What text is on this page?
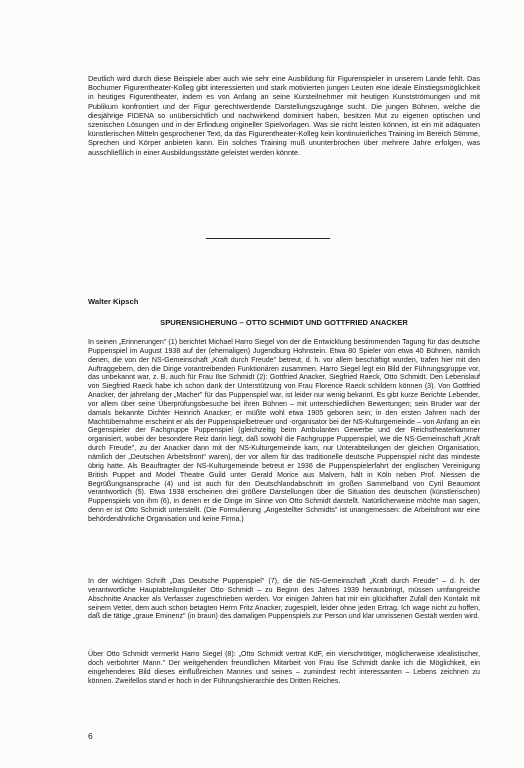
Deutlich wird durch diese Beispiele aber auch wie sehr eine Ausbildung für Figurenspieler in unserem Lande fehlt. Das Bochumer Figurentheater-Kolleg gibt interessierten und stark motivierten jungen Leuten eine ideale Einstiegsmöglichkeit in heutiges Figurentheater, indem es von Anfang an seine Kursteilnehmer mit heutigen Kunstströmungen und mit Publikum konfrontiert und der Figur gerechtwerdende Darstellungszugänge sucht. Die jungen Bühnen, welche die diesjährige FIDENA so unübersichtlich und nachwirkend dominiert haben, besitzen Mut zu eigenen optischen und szenischen Lösungen und in der Erfindung origineller Spielvorlagen. Was sie nicht leisten können, ist ein mit adäquaten künstlerischen Mitteln gesprochener Text, da das Figurentheater-Kolleg kein kontinuierliches Training im Bereich Stimme, Sprechen und Körper anbieten kann. Ein solches Training muß ununterbrochen über mehrere Jahre erfolgen, was ausschließlich in einer Ausbildungsstätte geleistet werden könnte.

Walter Kipsch

SPURENSICHERUNG – OTTO SCHMIDT UND GOTTFRIED ANACKER

In seinen „Erinnerungen" (1) berichtet Michael Harro Siegel von der die Entwicklung bestimmenden Tagung für das deutsche Puppenspiel im August 1938 auf der (ehemaligen) Jugendburg Hohnstein. Etwa 80 Spieler von etwa 40 Bühnen, nämlich denen, die von der NS-Gemeinschaft „Kraft durch Freude" betreut, d. h. vor allem beschäftigt wurden, trafen hier mit den Auftraggebern, den die Dinge vorantreibenden Funktionären zusammen. Harro Siegel legt ein Bild der Führungsgruppe vor, das unbekannt war, z. B. auch für Frau Ilse Schmidt (2): Gottfried Anacker, Siegfried Raeck, Otto Schmidt. Den Lebenslauf von Siegfried Raeck habe ich schon dank der Unterstützung von Frau Florence Raeck schildern können (3). Von Gottfried Anacker, der jahrelang der „Macher" für das Puppenspiel war, ist leider nur wenig bekannt. Es gibt kurze Berichte Lebender, vor allem über seine Überprüfungsbesuche bei ihren Bühnen – mit unterschiedlichen Bewertungen; sein Bruder war der damals bekannte Dichter Heinrich Anacker; er müßte wohl etwa 1905 geboren sein; in den ersten Jahren nach der Machtübernahme erscheint er als der Puppenspielbetreuer und -organisator bei der NS-Kulturgemeinde – von Anfang an ein Gegenspieler der Fachgruppe Puppenspiel (gleichzeitig beim Ambulanten Gewerbe und der Reichstheaterkammer organisiert, wobei der besondere Reiz darin liegt, daß sowohl die Fachgruppe Puppenspiel, wie die NS-Gemeinschaft „Kraft durch Freude", zu der Anacker dann mit der NS-Kulturgemeinde kam, nur Unterabteilungen der gleichen Organisation, nämlich der „Deutschen Arbeitsfront" waren), der vor allem für das traditionelle deutsche Puppenspiel nicht das mindeste übrig hatte. Als Beauftragter der NS-Kulturgemeinde betreut er 1936 die Puppenspielerfahrt der englischen Vereinigung British Puppet and Model Theatre Guild unter Gerald Morice aus Malvern, hält in Köln neben Prof. Niessen die Begrüßungsansprache (4) und ist auch für den Deutschlandabschnitt im großen Sammelband von Cyril Beaumont verantwortlich (5). Etwa 1938 erscheinen drei größere Darstellungen über die Situation des deutschen (künstlerischen) Puppenspiels von ihm (6), in denen er die Dinge im Sinne von Otto Schmidt darstellt. Natürlicherweise möchte man sagen, denn er ist Otto Schmidt unterstellt. (Die Formulierung „Angestellter Schmidts" ist unangemessen: die Arbeitsfront war eine behördenähnliche Organisation und keine Firma.)

In der wichtigen Schrift „Das Deutsche Puppenspiel" (7), die die NS-Gemeinschaft „Kraft durch Freude" – d. h. der verantwortliche Hauptabteilungsleiter Otto Schmidt – zu Beginn des Jahres 1939 herausbringt, müssen umfangreiche Abschnitte Anacker als Verfasser zugeschrieben werden. Vor einigen Jahren hat mir ein glückhafter Zufall den Kontakt mit seinem Vetter, dem auch schon betagten Herrn Fritz Anacker, zugespielt, leider ohne jeden Ertrag. Ich wage nicht zu hoffen, daß die tätige „graue Eminenz" (in braun) des damaligen Puppenspiels zur Person und klar umrissenen Gestalt werden wird.

Über Otto Schmidt vermerkt Harro Siegel (8): „Otto Schmidt vertrat KdF, ein vierschrötiger, möglicherweise idealistischer, doch verbohrter Mann." Der weitgehenden freundlichen Mitarbeit von Frau Ilse Schmidt danke ich die Möglichkeit, ein eingehenderes Bild dieses einflußreichen Mannes und seines – zumindest recht interessanten – Lebens zeichnen zu können. Zweifellos stand er hoch in der Führungshierarchie des Dritten Reiches.

6
